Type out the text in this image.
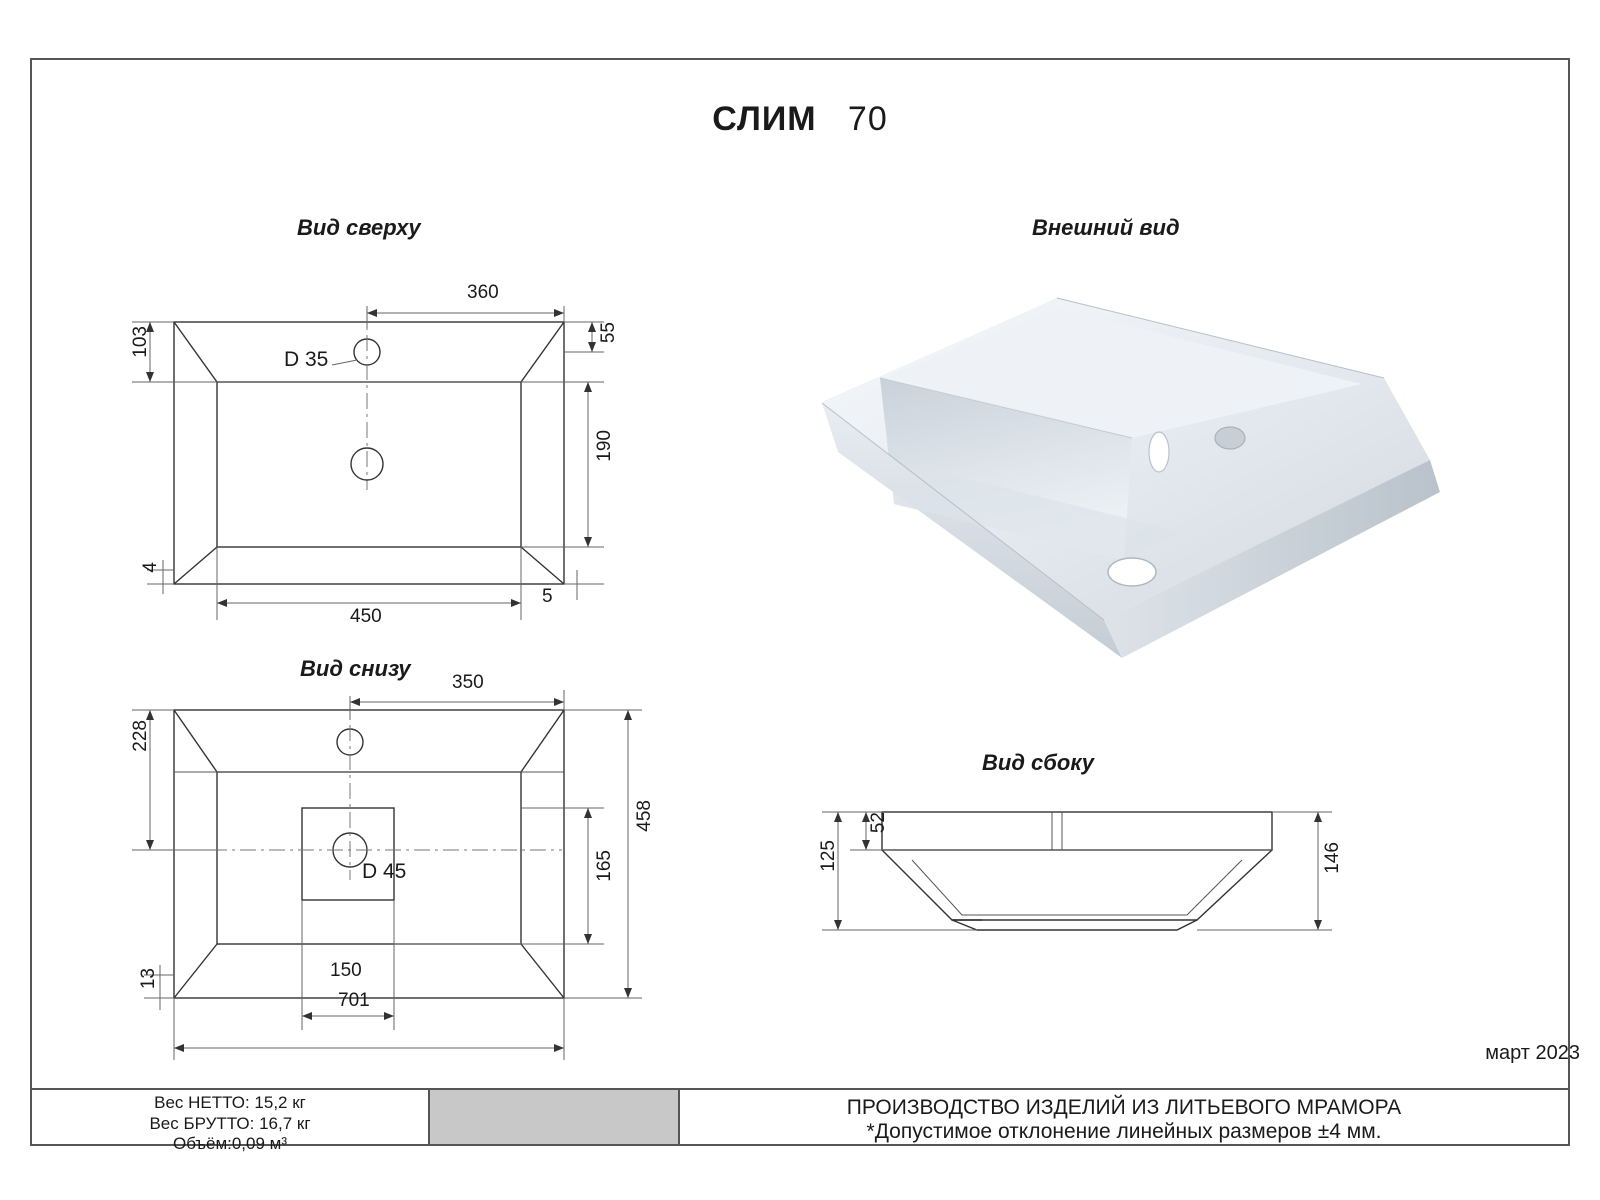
СЛИМ 70
Вид сверху
360
55
103
190
450
4
5
D 35
Вид снизу
350
228
165
458
13	150
701
D 45
Внешний вид
Вид сбоку
52
125	146
март 2023
Вес НЕТТО: 15,2 кг
Вес БРУТТО: 16,7 кг
Объём:0,09 м³
ПРОИЗВОДСТВО ИЗДЕЛИЙ ИЗ ЛИТЬЕВОГО МРАМОРА
*Допустимое отклонение линейных размеров ±4 мм.
